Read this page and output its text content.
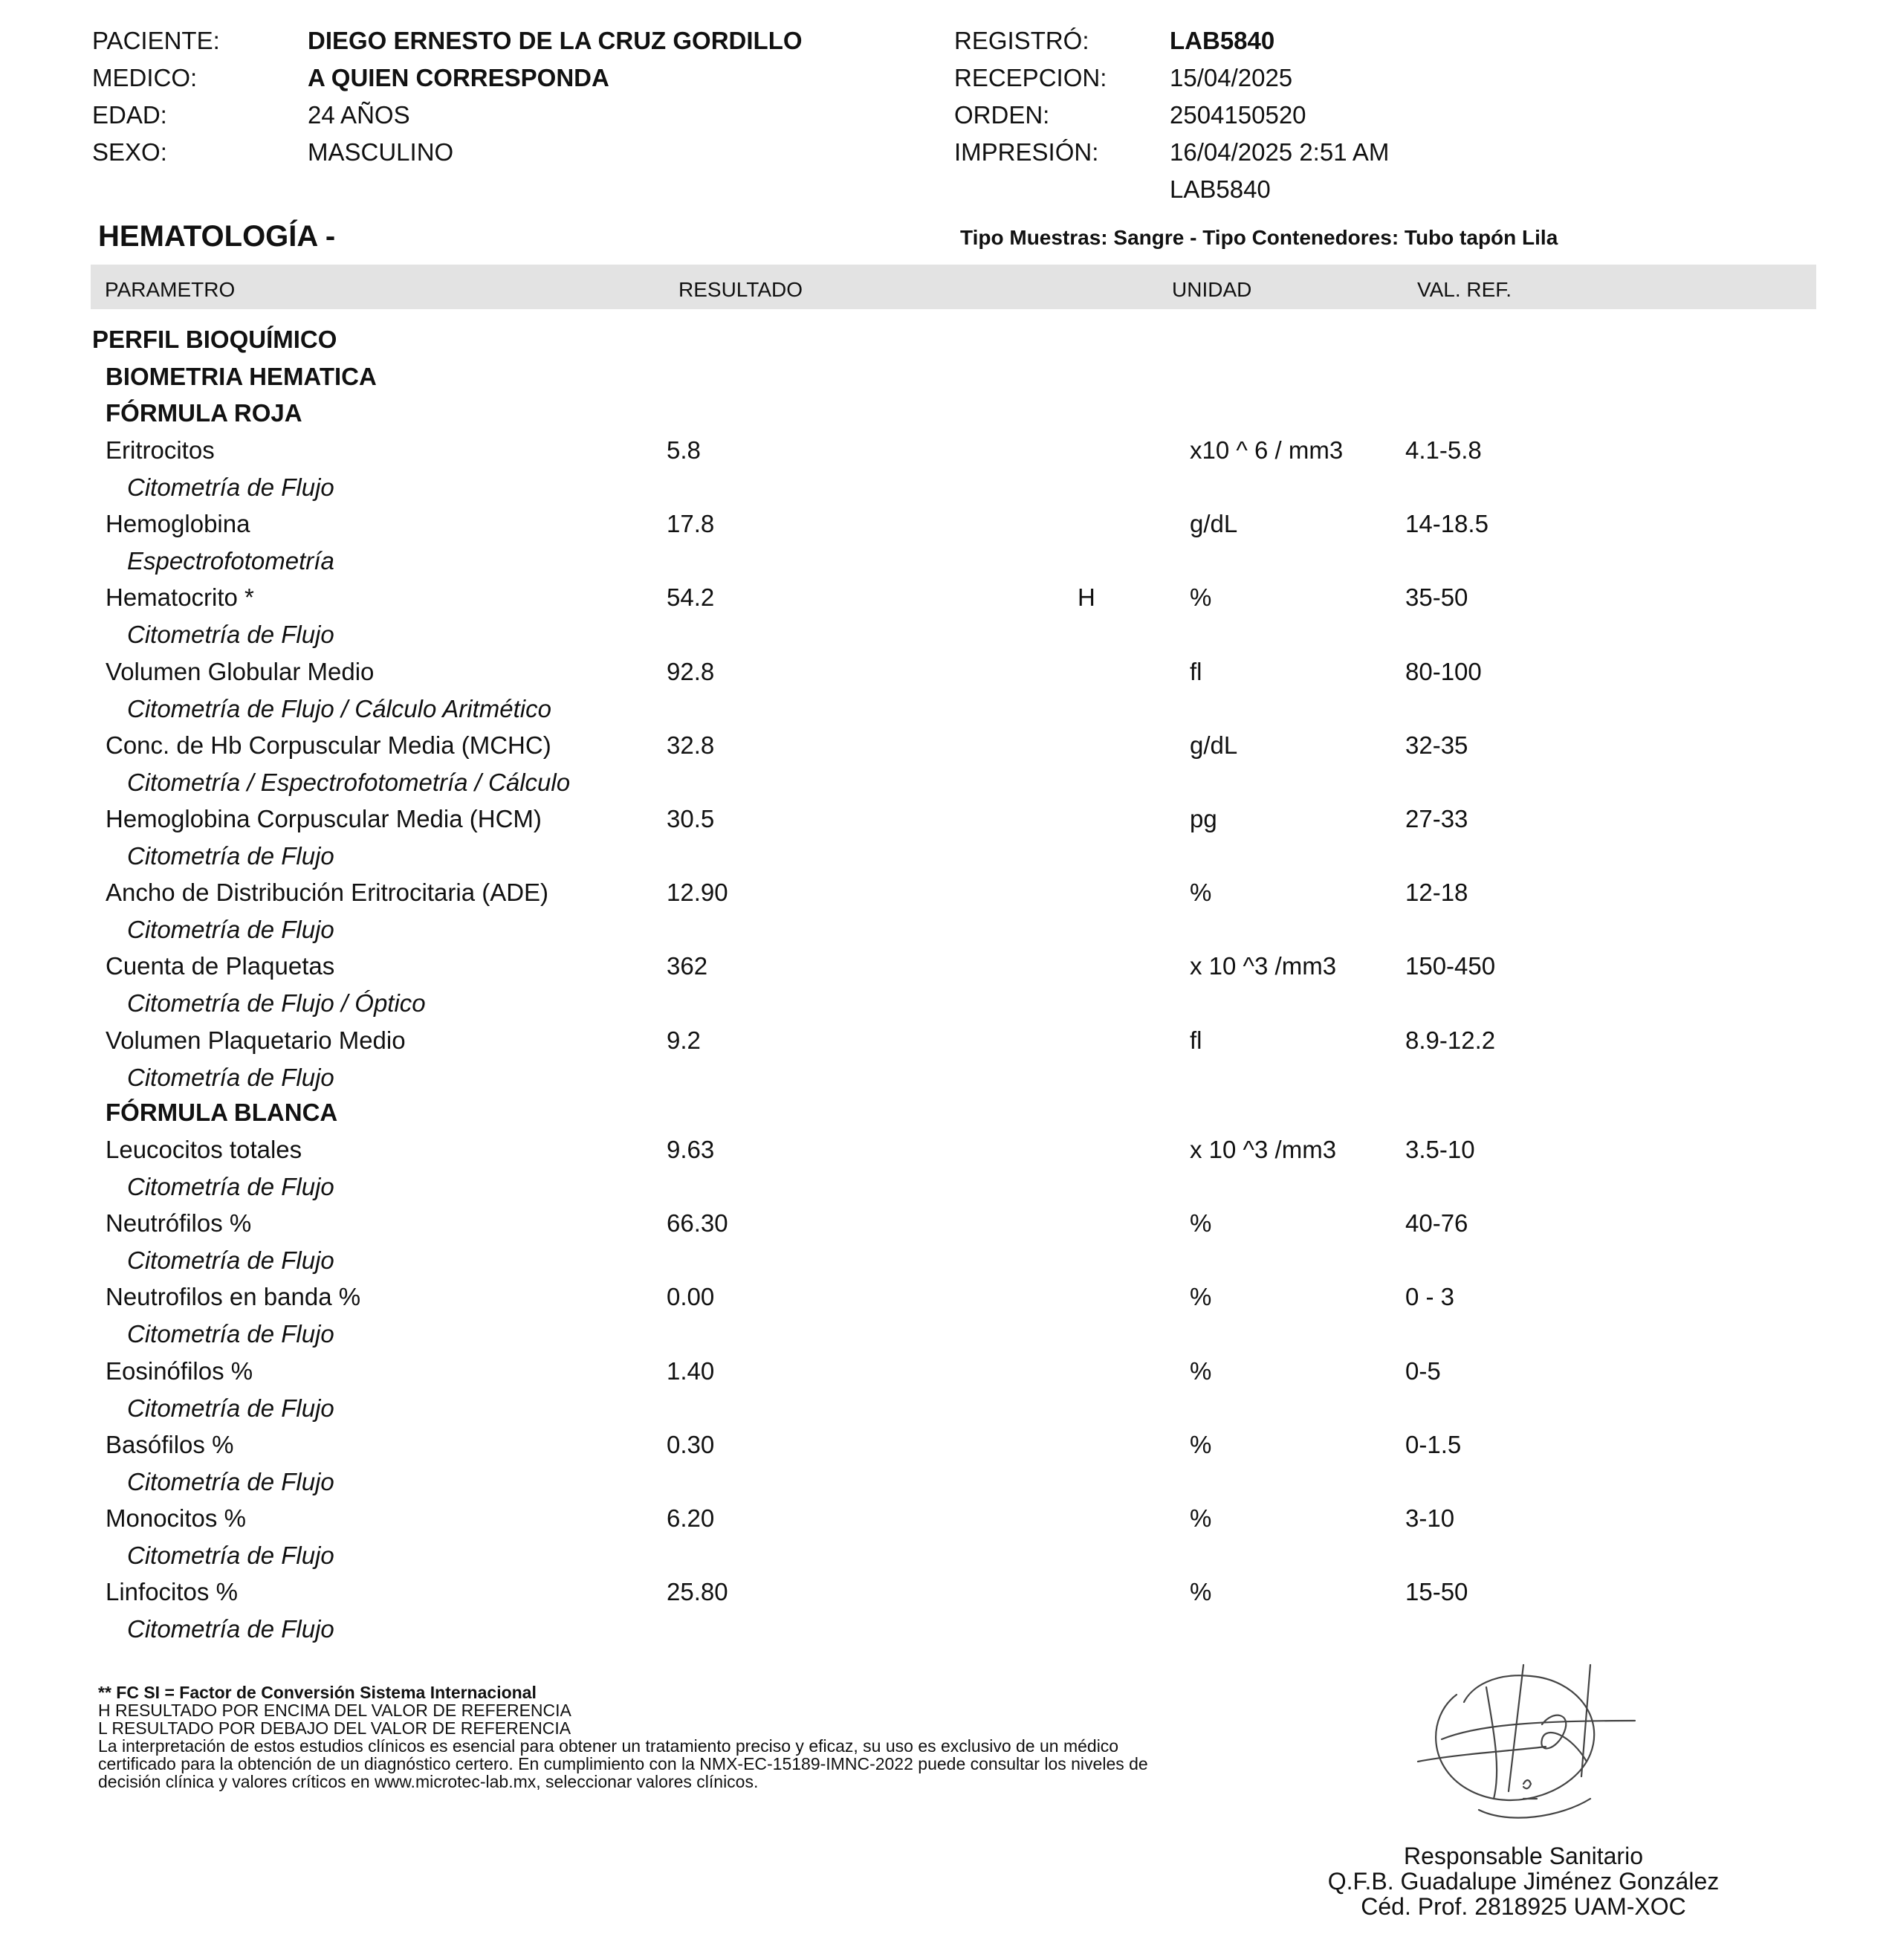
PACIENTE:	DIEGO ERNESTO DE LA CRUZ GORDILLO
MEDICO:	A QUIEN CORRESPONDA
EDAD:	24 AÑOS
SEXO:	MASCULINO
REGISTRÓ:	LAB5840
RECEPCION:	15/04/2025
ORDEN:	2504150520
IMPRESIÓN:	16/04/2025 2:51 AM
LAB5840
HEMATOLOGÍA -	Tipo Muestras: Sangre - Tipo Contenedores: Tubo tapón Lila
PARAMETRO	RESULTADO	UNIDAD	VAL. REF.
PERFIL BIOQUÍMICO
BIOMETRIA HEMATICA
FÓRMULA ROJA
Eritrocitos	5.8	x10 ^ 6 / mm3	4.1-5.8
Citometría de Flujo
Hemoglobina	17.8	g/dL	14-18.5
Espectrofotometría
Hematocrito *	54.2	H	%	35-50
Citometría de Flujo
Volumen Globular Medio	92.8	fl	80-100
Citometría de Flujo / Cálculo Aritmético
Conc. de Hb Corpuscular Media (MCHC)	32.8	g/dL	32-35
Citometría / Espectrofotometría / Cálculo
Hemoglobina Corpuscular Media (HCM)	30.5	pg	27-33
Citometría de Flujo
Ancho de Distribución Eritrocitaria (ADE)	12.90	%	12-18
Citometría de Flujo
Cuenta de Plaquetas	362	x 10 ^3 /mm3	150-450
Citometría de Flujo / Óptico
Volumen Plaquetario Medio	9.2	fl	8.9-12.2
Citometría de Flujo
FÓRMULA BLANCA
Leucocitos totales	9.63	x 10 ^3 /mm3	3.5-10
Citometría de Flujo
Neutrófilos %	66.30	%	40-76
Citometría de Flujo
Neutrofilos en banda %	0.00	%	0 - 3
Citometría de Flujo
Eosinófilos %	1.40	%	0-5
Citometría de Flujo
Basófilos %	0.30	%	0-1.5
Citometría de Flujo
Monocitos %	6.20	%	3-10
Citometría de Flujo
Linfocitos %	25.80	%	15-50
Citometría de Flujo
** FC SI = Factor de Conversión Sistema Internacional
H RESULTADO POR ENCIMA DEL VALOR DE REFERENCIA
L RESULTADO POR DEBAJO DEL VALOR DE REFERENCIA
La interpretación de estos estudios clínicos es esencial para obtener un tratamiento preciso y eficaz, su uso es exclusivo de un médico
certificado para la obtención de un diagnóstico certero. En cumplimiento con la NMX-EC-15189-IMNC-2022 puede consultar los niveles de
decisión clínica y valores críticos en www.microtec-lab.mx, seleccionar valores clínicos.
Responsable Sanitario
Q.F.B. Guadalupe Jiménez González
Céd. Prof. 2818925 UAM-XOC
